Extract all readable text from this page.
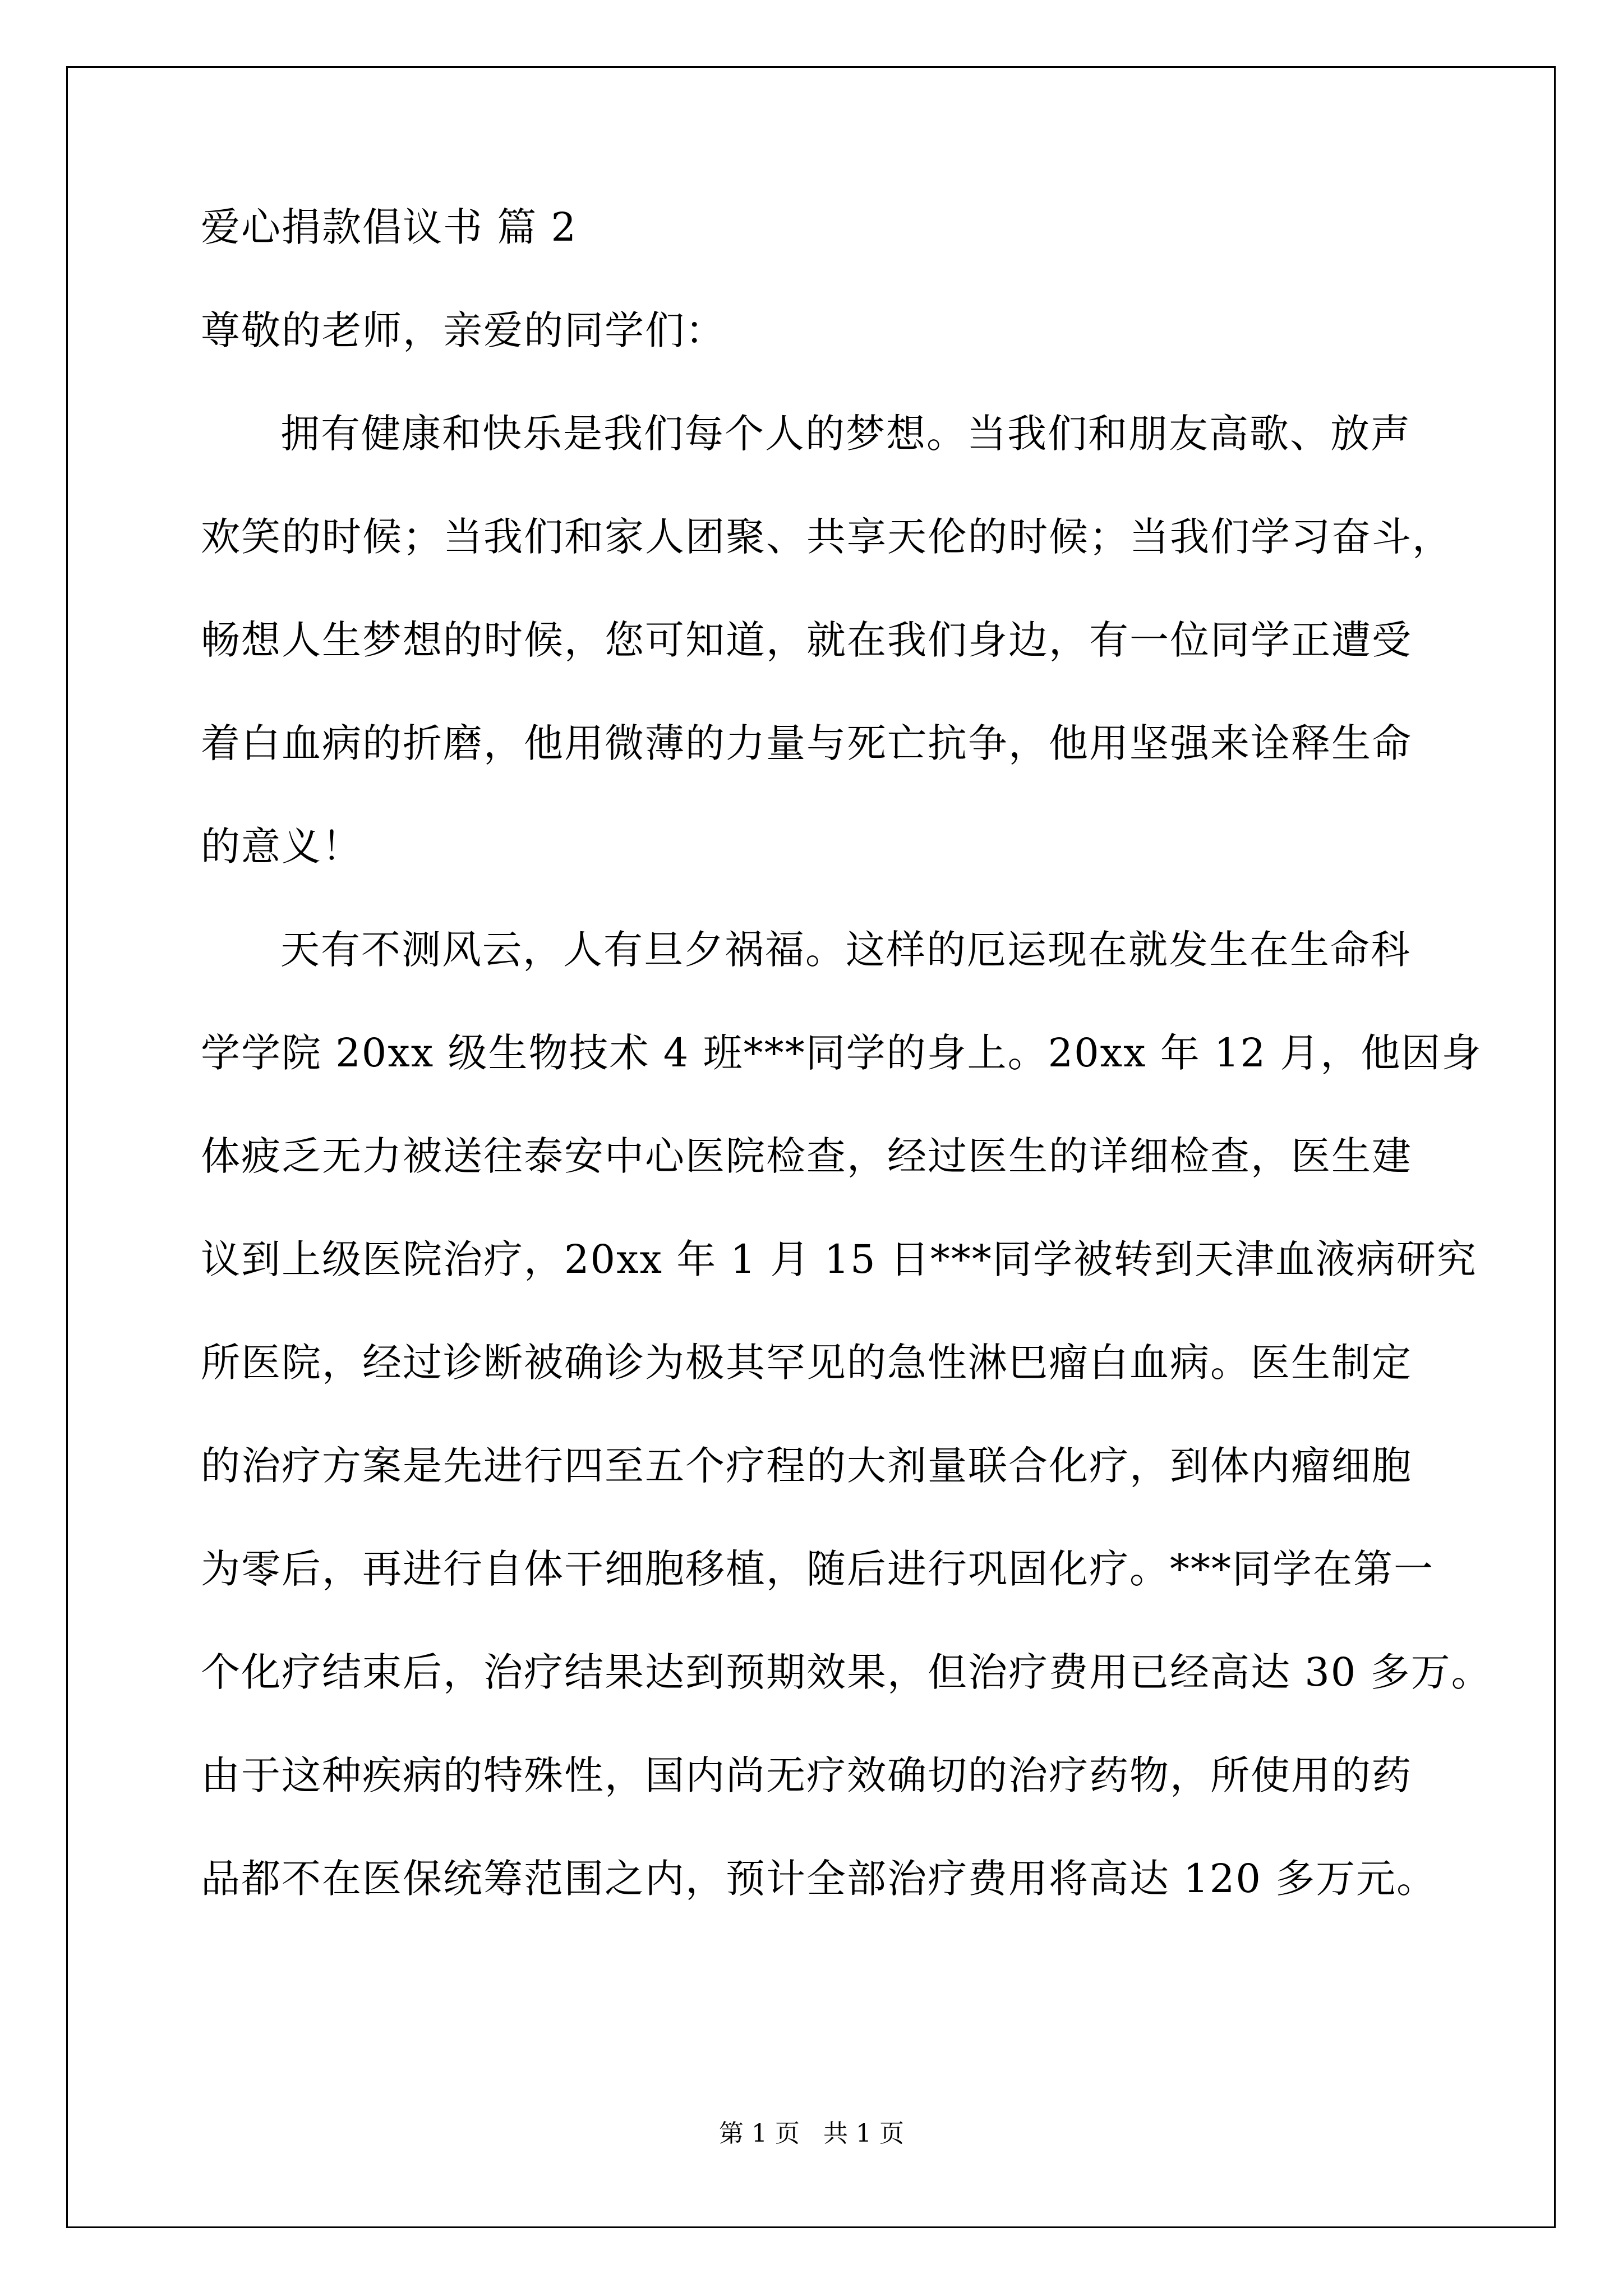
爱心捐款倡议书 篇 2

尊敬的老师，亲爱的同学们：

拥有健康和快乐是我们每个人的梦想。当我们和朋友高歌、放声

欢笑的时候；当我们和家人团聚、共享天伦的时候；当我们学习奋斗，

畅想人生梦想的时候，您可知道，就在我们身边，有一位同学正遭受

着白血病的折磨，他用微薄的力量与死亡抗争，他用坚强来诠释生命

的意义！

天有不测风云，人有旦夕祸福。这样的厄运现在就发生在生命科

学学院 20xx 级生物技术 4 班***同学的身上。20xx 年 12 月，他因身

体疲乏无力被送往泰安中心医院检查，经过医生的详细检查，医生建

议到上级医院治疗，20xx 年 1 月 15 日***同学被转到天津血液病研究

所医院，经过诊断被确诊为极其罕见的急性淋巴瘤白血病。医生制定

的治疗方案是先进行四至五个疗程的大剂量联合化疗，到体内瘤细胞

为零后，再进行自体干细胞移植，随后进行巩固化疗。***同学在第一

个化疗结束后，治疗结果达到预期效果，但治疗费用已经高达 30 多万。

由于这种疾病的特殊性，国内尚无疗效确切的治疗药物，所使用的药

品都不在医保统筹范围之内，预计全部治疗费用将高达 120 多万元。

第 1 页   共 1 页
